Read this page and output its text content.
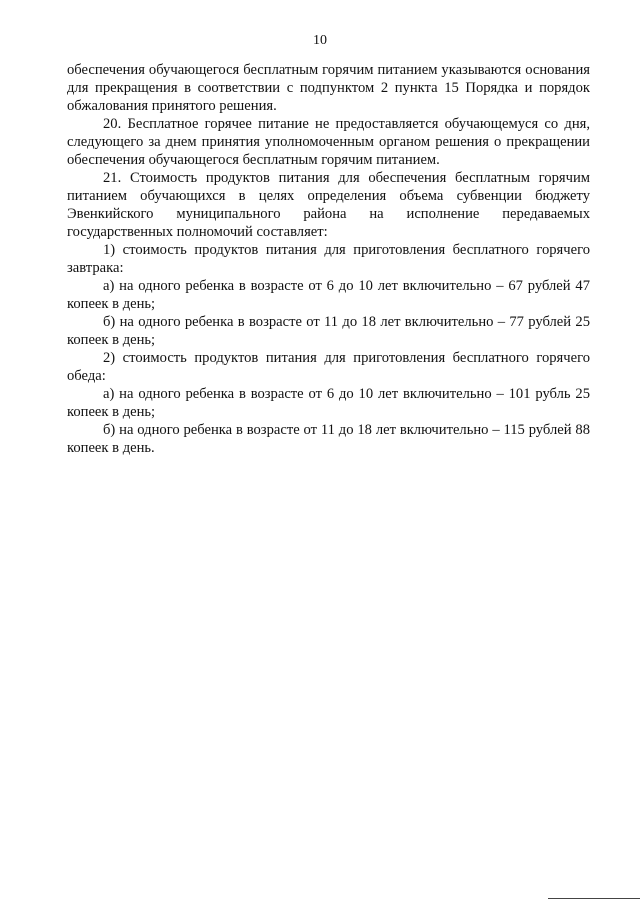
10

обеспечения обучающегося бесплатным горячим питанием указываются основания для прекращения в соответствии с подпунктом 2 пункта 15 Порядка и порядок обжалования принятого решения.

20. Бесплатное горячее питание не предоставляется обучающемуся со дня, следующего за днем принятия уполномоченным органом решения о прекращении обеспечения обучающегося бесплатным горячим питанием.

21. Стоимость продуктов питания для обеспечения бесплатным горячим питанием обучающихся в целях определения объема субвенции бюджету Эвенкийского муниципального района на исполнение передаваемых государственных полномочий составляет:

1) стоимость продуктов питания для приготовления бесплатного горячего завтрака:

а) на одного ребенка в возрасте от 6 до 10 лет включительно – 67 рублей 47 копеек в день;

б) на одного ребенка в возрасте от 11 до 18 лет включительно – 77 рублей 25 копеек в день;

2) стоимость продуктов питания для приготовления бесплатного горячего обеда:

а) на одного ребенка в возрасте от 6 до 10 лет включительно – 101 рубль 25 копеек в день;

б) на одного ребенка в возрасте от 11 до 18 лет включительно – 115 рублей 88 копеек в день.
